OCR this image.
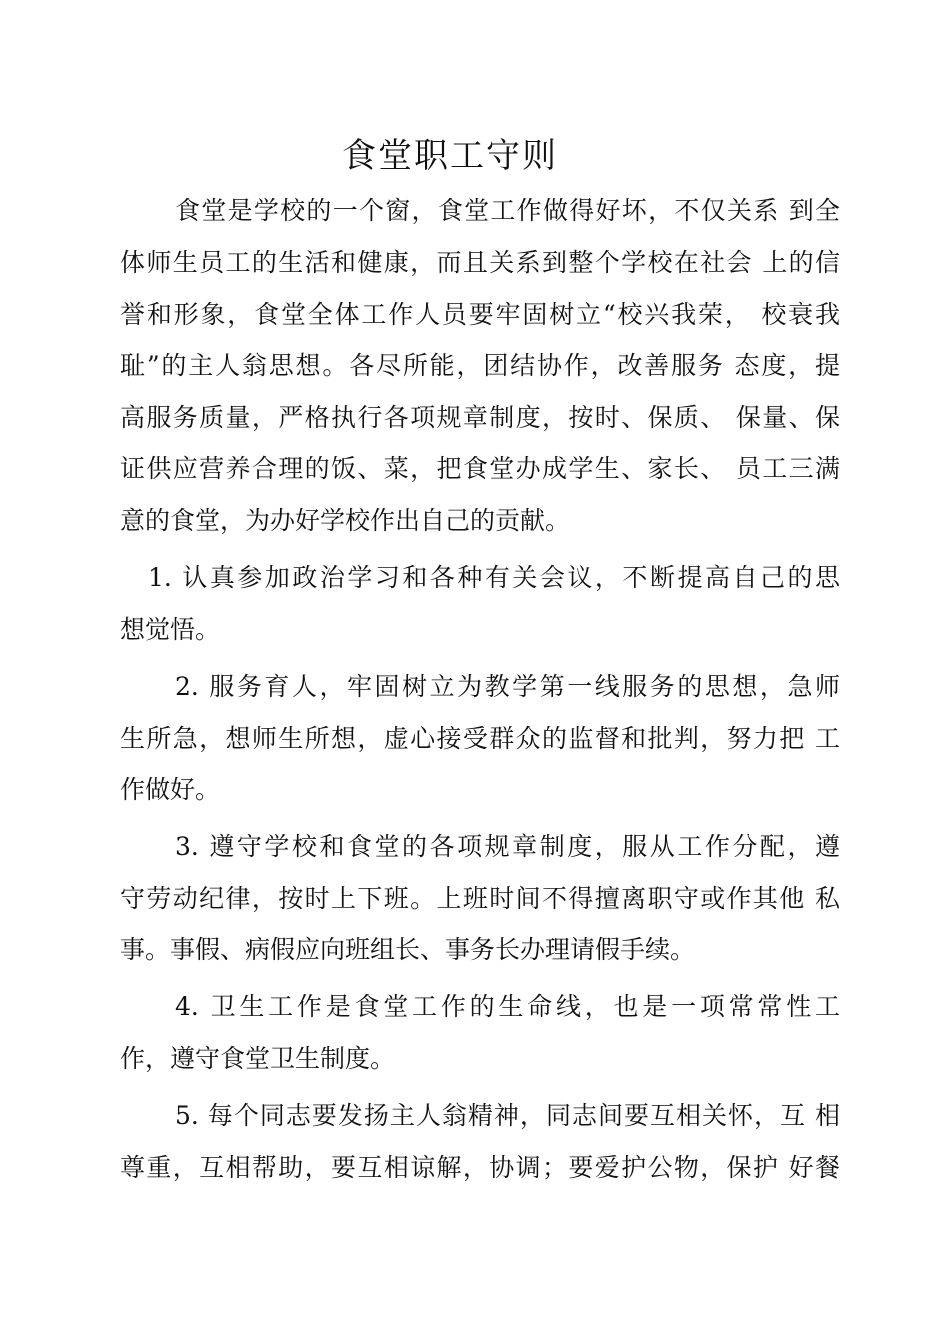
食堂职工守则
食堂是学校的一个窗，食堂工作做得好坏，不仅关系 到全
体师生员工的生活和健康，而且关系到整个学校在社会 上的信
誉和形象，食堂全体工作人员要牢固树立“校兴我荣， 校衰我
耻”的主人翁思想。各尽所能，团结协作，改善服务 态度，提
高服务质量，严格执行各项规章制度，按时、保质、 保量、保
证供应营养合理的饭、菜，把食堂办成学生、家长、 员工三满
意的食堂，为办好学校作出自己的贡献。
1. 认真参加政治学习和各种有关会议，不断提高自己的思
想觉悟。
2. 服务育人，牢固树立为教学第一线服务的思想，急师
生所急，想师生所想，虚心接受群众的监督和批判，努力把 工
作做好。
3. 遵守学校和食堂的各项规章制度，服从工作分配，遵
守劳动纪律，按时上下班。上班时间不得擅离职守或作其他 私
事。事假、病假应向班组长、事务长办理请假手续。
4. 卫生工作是食堂工作的生命线，也是一项常常性工
作，遵守食堂卫生制度。
5. 每个同志要发扬主人翁精神，同志间要互相关怀，互 相
尊重，互相帮助，要互相谅解，协调；要爱护公物，保护 好餐
